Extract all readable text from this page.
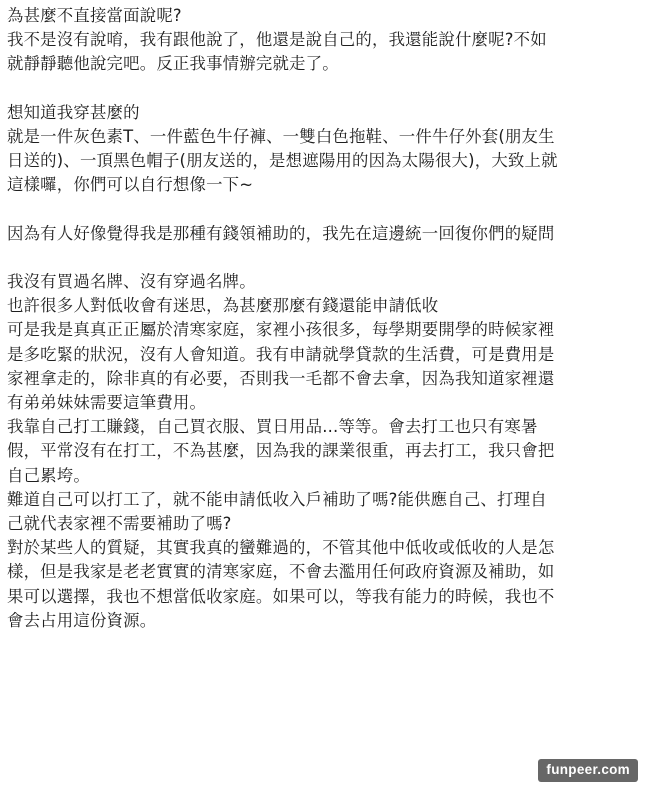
為甚麼不直接當面說呢?
我不是沒有說唷，我有跟他說了，他還是說自己的，我還能說什麼呢?不如
就靜靜聽他說完吧。反正我事情辦完就走了。
想知道我穿甚麼的
就是一件灰色素T、一件藍色牛仔褲、一雙白色拖鞋、一件牛仔外套(朋友生
日送的)、一頂黑色帽子(朋友送的，是想遮陽用的因為太陽很大)，大致上就
這樣囉，你們可以自行想像一下~
因為有人好像覺得我是那種有錢領補助的，我先在這邊統一回復你們的疑問
我沒有買過名牌、沒有穿過名牌。
也許很多人對低收會有迷思，為甚麼那麼有錢還能申請低收
可是我是真真正正屬於清寒家庭，家裡小孩很多，每學期要開學的時候家裡
是多吃緊的狀況，沒有人會知道。我有申請就學貸款的生活費，可是費用是
家裡拿走的，除非真的有必要，否則我一毛都不會去拿，因為我知道家裡還
有弟弟妹妹需要這筆費用。
我靠自己打工賺錢，自己買衣服、買日用品...等等。會去打工也只有寒暑
假，平常沒有在打工，不為甚麼，因為我的課業很重，再去打工，我只會把
自己累垮。
難道自己可以打工了，就不能申請低收入戶補助了嗎?能供應自己、打理自
己就代表家裡不需要補助了嗎?
對於某些人的質疑，其實我真的蠻難過的，不管其他中低收或低收的人是怎
樣，但是我家是老老實實的清寒家庭，不會去濫用任何政府資源及補助，如
果可以選擇，我也不想當低收家庭。如果可以，等我有能力的時候，我也不
會去占用這份資源。
funpeer.com
